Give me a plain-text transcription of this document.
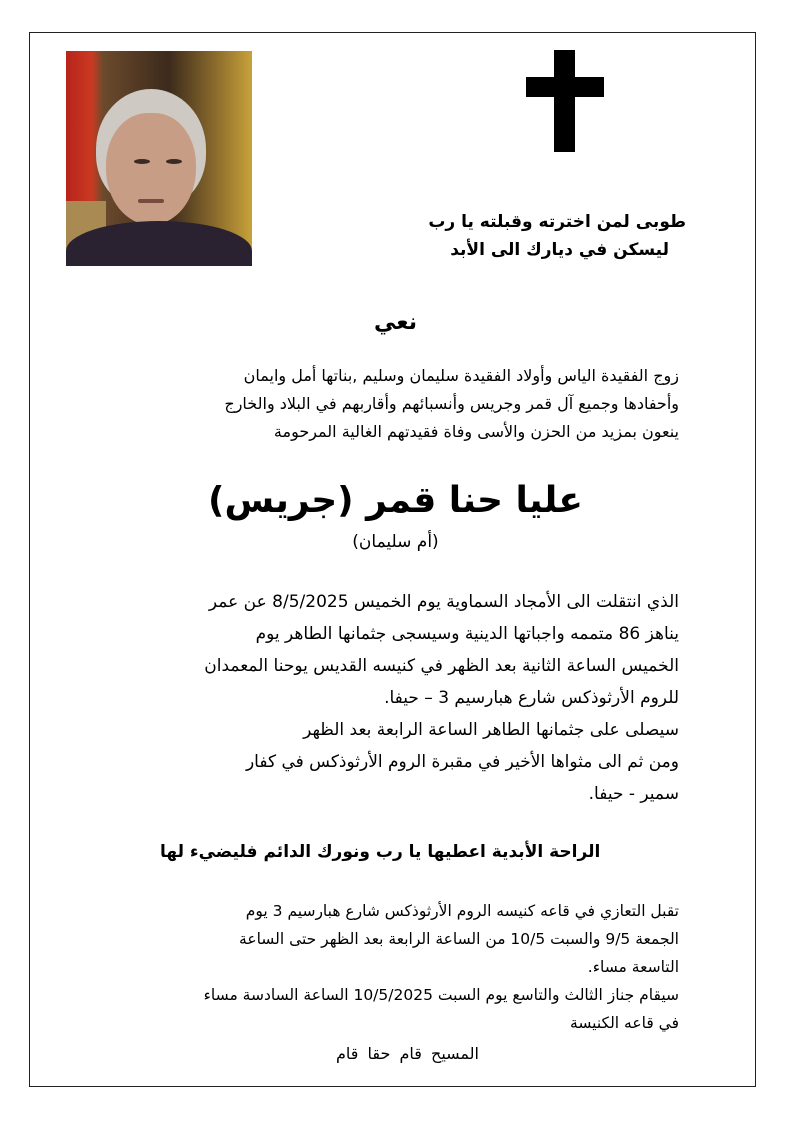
طوبى لمن اخترته وقبلته يا رب

ليسكن في ديارك الى الأبد

نعي

زوج الفقيدة الياس وأولاد الفقيدة سليمان وسليم ,بناتها أمل وايمان

وأحفادها وجميع آل قمر وجريس وأنسبائهم وأقاربهم في البلاد والخارج

ينعون بمزيد من الحزن والأسى وفاة فقيدتهم الغالية المرحومة

عليا حنا قمر (جريس)

(أم سليمان)

الذي انتقلت الى الأمجاد السماوية يوم الخميس 8/5/2025 عن عمر

يناهز 86 متممه واجباتها الدينية وسيسجى جثمانها الطاهر يوم

الخميس الساعة الثانية بعد الظهر في كنيسه القديس يوحنا المعمدان

للروم الأرثوذكس شارع هبارسيم 3 – حيفا.

سيصلى على جثمانها الطاهر الساعة الرابعة بعد الظهر

ومن ثم الى مثواها الأخير في مقبرة الروم الأرثوذكس في كفار

سمير - حيفا.

الراحة الأبدية اعطيها يا رب ونورك الدائم فليضيء لها

تقبل التعازي في قاعه كنيسه الروم الأرثوذكس شارع هبارسيم 3 يوم

الجمعة 9/5 والسبت 10/5 من الساعة الرابعة بعد الظهر حتى الساعة

التاسعة مساء.

سيقام جناز الثالث والتاسع يوم السبت 10/5/2025 الساعة السادسة مساء

في قاعه الكنيسة

المسيح قام حقا قام
